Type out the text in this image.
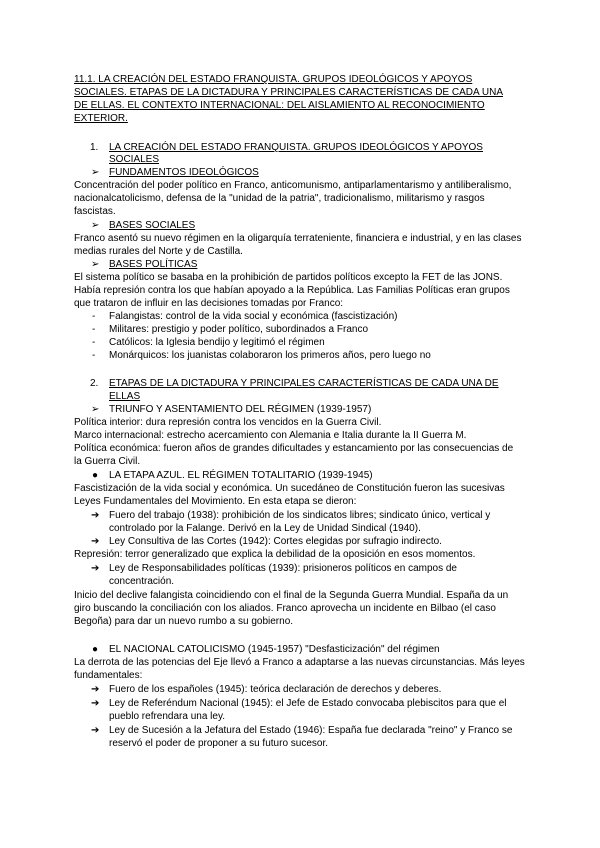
11.1. LA CREACIÓN DEL ESTADO FRANQUISTA. GRUPOS IDEOLÓGICOS Y APOYOS
SOCIALES. ETAPAS DE LA DICTADURA Y PRINCIPALES CARACTERÍSTICAS DE CADA UNA
DE ELLAS. EL CONTEXTO INTERNACIONAL: DEL AISLAMIENTO AL RECONOCIMIENTO
EXTERIOR.
1. LA CREACIÓN DEL ESTADO FRANQUISTA. GRUPOS IDEOLÓGICOS Y APOYOS
SOCIALES
➢ FUNDAMENTOS IDEOLÓGICOS
Concentración del poder político en Franco, anticomunismo, antiparlamentarismo y antiliberalismo,
nacionalcatolicismo, defensa de la "unidad de la patria", tradicionalismo, militarismo y rasgos
fascistas.
➢ BASES SOCIALES
Franco asentó su nuevo régimen en la oligarquía terrateniente, financiera e industrial, y en las clases
medias rurales del Norte y de Castilla.
➢ BASES POLÍTICAS
El sistema político se basaba en la prohibición de partidos políticos excepto la FET de las JONS.
Había represión contra los que habían apoyado a la República. Las Familias Políticas eran grupos
que trataron de influir en las decisiones tomadas por Franco:
- Falangistas: control de la vida social y económica (fascistización)
- Militares: prestigio y poder político, subordinados a Franco
- Católicos: la Iglesia bendijo y legitimó el régimen
- Monárquicos: los juanistas colaboraron los primeros años, pero luego no
2. ETAPAS DE LA DICTADURA Y PRINCIPALES CARACTERÍSTICAS DE CADA UNA DE
ELLAS
➢ TRIUNFO Y ASENTAMIENTO DEL RÉGIMEN (1939-1957)
Política interior: dura represión contra los vencidos en la Guerra Civil.
Marco internacional: estrecho acercamiento con Alemania e Italia durante la II Guerra M.
Política económica: fueron años de grandes dificultades y estancamiento por las consecuencias de
la Guerra Civil.
● LA ETAPA AZUL. EL RÉGIMEN TOTALITARIO (1939-1945)
Fascistización de la vida social y económica. Un sucedáneo de Constitución fueron las sucesivas
Leyes Fundamentales del Movimiento. En esta etapa se dieron:
➔ Fuero del trabajo (1938): prohibición de los sindicatos libres; sindicato único, vertical y
controlado por la Falange. Derivó en la Ley de Unidad Sindical (1940).
➔ Ley Consultiva de las Cortes (1942): Cortes elegidas por sufragio indirecto.
Represión: terror generalizado que explica la debilidad de la oposición en esos momentos.
➔ Ley de Responsabilidades políticas (1939): prisioneros políticos en campos de
concentración.
Inicio del declive falangista coincidiendo con el final de la Segunda Guerra Mundial. España da un
giro buscando la conciliación con los aliados. Franco aprovecha un incidente en Bilbao (el caso
Begoña) para dar un nuevo rumbo a su gobierno.
● EL NACIONAL CATOLICISMO (1945-1957) "Desfasticización" del régimen
La derrota de las potencias del Eje llevó a Franco a adaptarse a las nuevas circunstancias. Más leyes
fundamentales:
➔ Fuero de los españoles (1945): teórica declaración de derechos y deberes.
➔ Ley de Referéndum Nacional (1945): el Jefe de Estado convocaba plebiscitos para que el
pueblo refrendara una ley.
➔ Ley de Sucesión a la Jefatura del Estado (1946): España fue declarada "reino" y Franco se
reservó el poder de proponer a su futuro sucesor.
